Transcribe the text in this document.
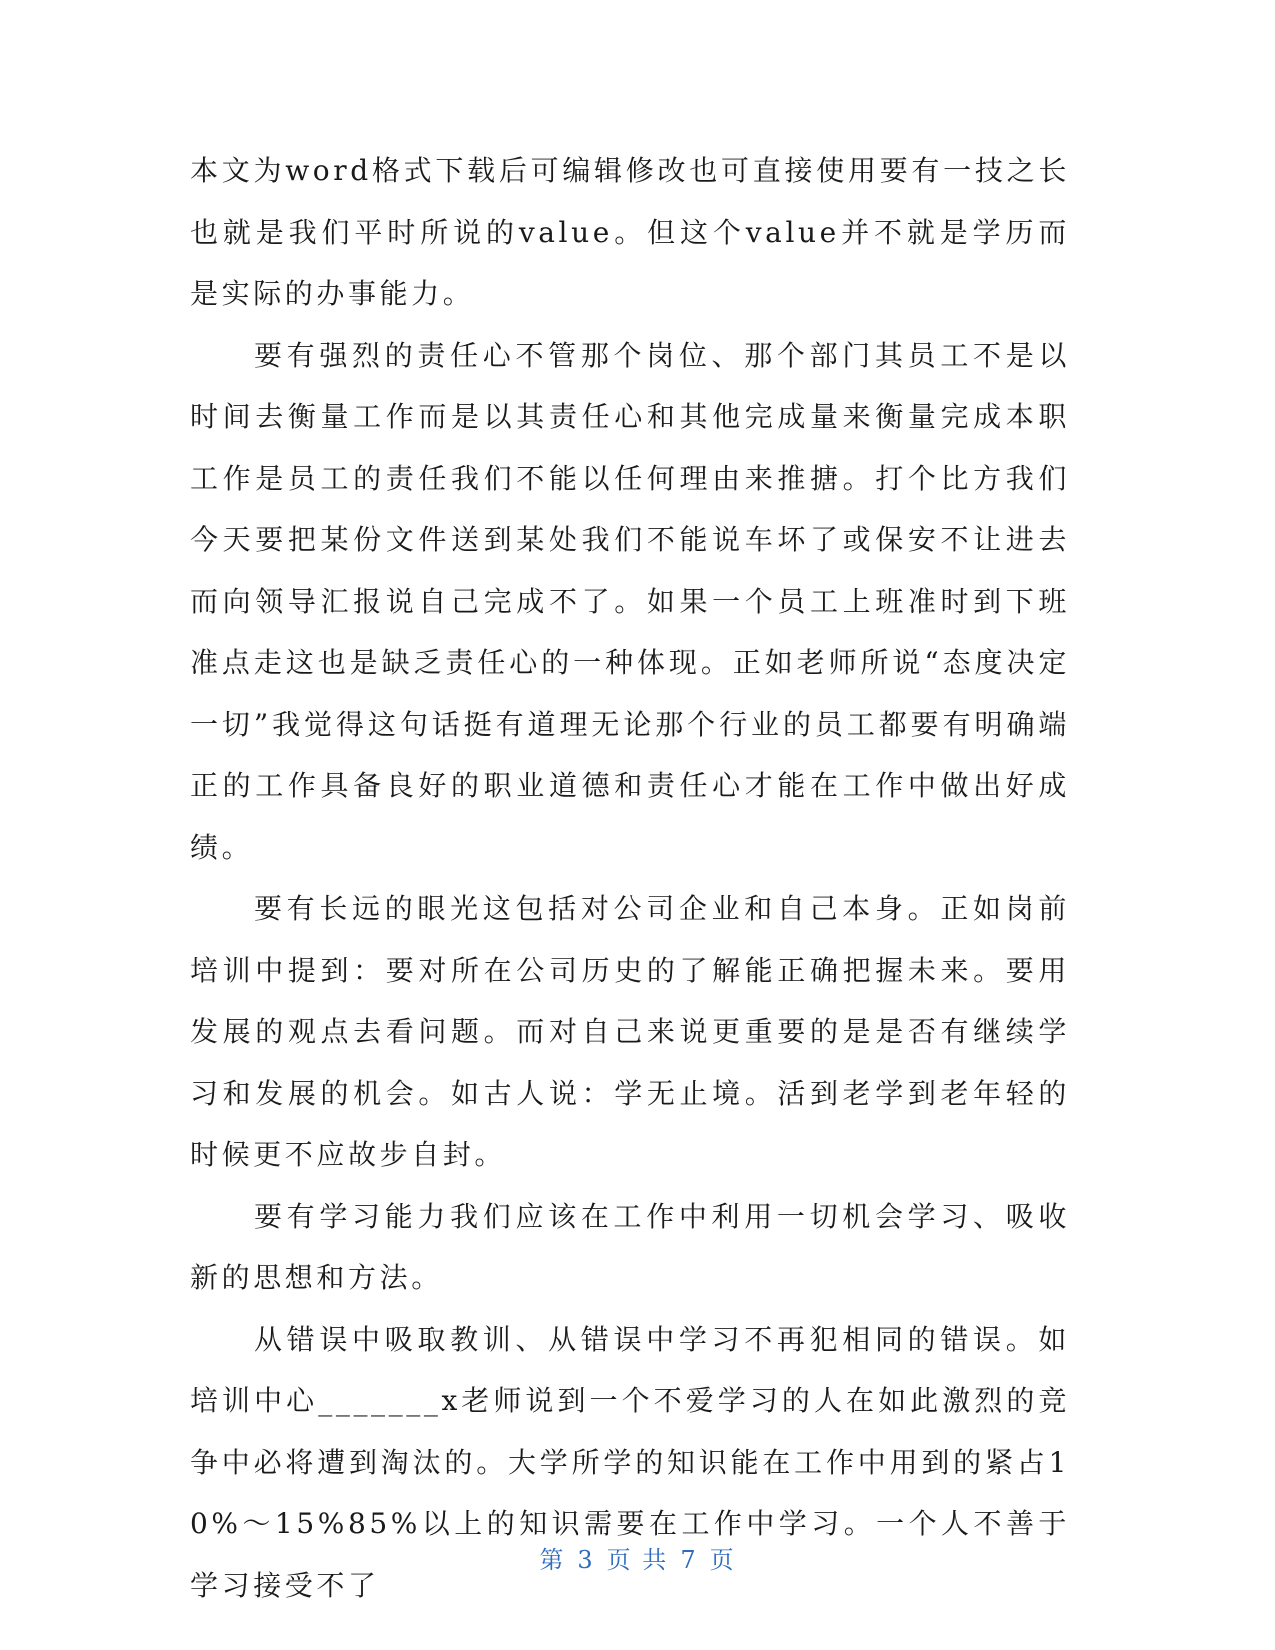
本文为word格式下载后可编辑修改也可直接使用要有一技之长也就是我们平时所说的value。但这个value并不就是学历而是实际的办事能力。

要有强烈的责任心不管那个岗位、那个部门其员工不是以时间去衡量工作而是以其责任心和其他完成量来衡量完成本职工作是员工的责任我们不能以任何理由来推搪。打个比方我们今天要把某份文件送到某处我们不能说车坏了或保安不让进去而向领导汇报说自己完成不了。如果一个员工上班准时到下班准点走这也是缺乏责任心的一种体现。正如老师所说“态度决定一切”我觉得这句话挺有道理无论那个行业的员工都要有明确端正的工作具备良好的职业道德和责任心才能在工作中做出好成绩。

要有长远的眼光这包括对公司企业和自己本身。正如岗前培训中提到：要对所在公司历史的了解能正确把握未来。要用发展的观点去看问题。而对自己来说更重要的是是否有继续学习和发展的机会。如古人说：学无止境。活到老学到老年轻的时候更不应故步自封。

要有学习能力我们应该在工作中利用一切机会学习、吸收新的思想和方法。

从错误中吸取教训、从错误中学习不再犯相同的错误。如培训中心_______x老师说到一个不爱学习的人在如此激烈的竞争中必将遭到淘汰的。大学所学的知识能在工作中用到的紧占10%～15%85%以上的知识需要在工作中学习。一个人不善于学习接受不了

第 3 页 共 7 页
